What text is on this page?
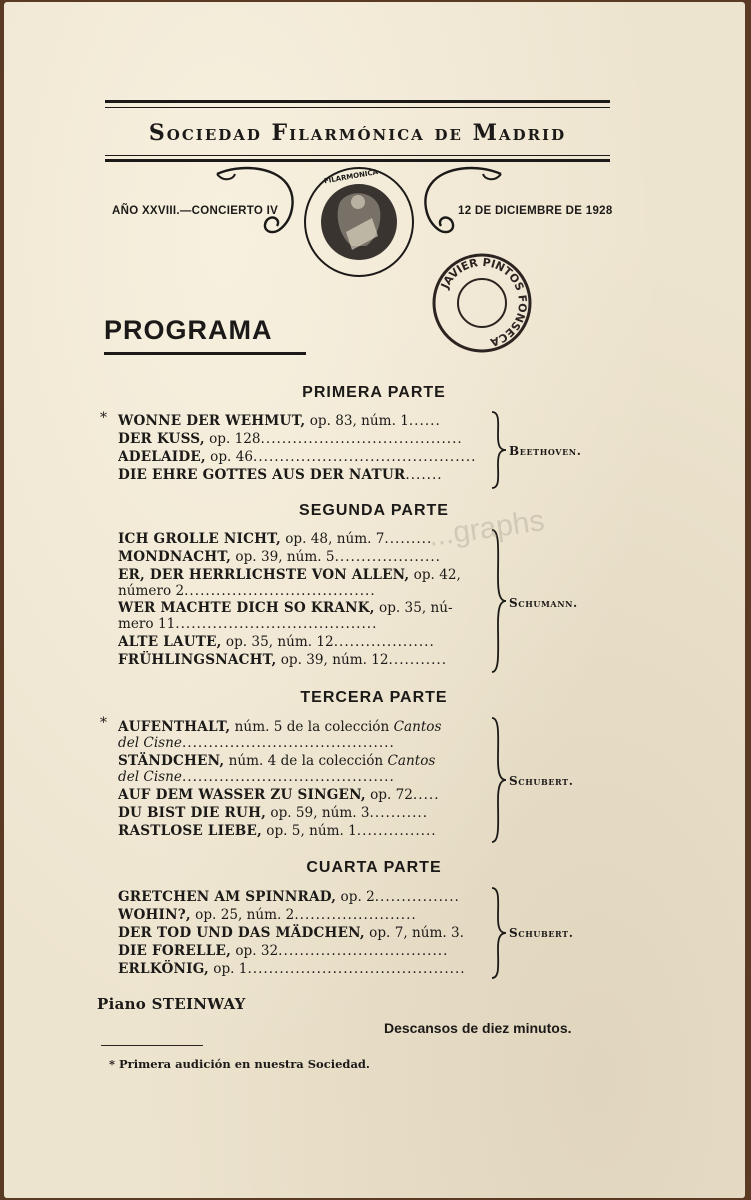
Sociedad Filarmónica de Madrid
AÑO XXVIII.—CONCIERTO IV	12 DE DICIEMBRE DE 1928
FILARMONICA
JAVIER PINTOS FONSECA
PROGRAMA
PRIMERA PARTE
* WONNE DER WEHMUT, op. 83, núm. 1......
DER KUSS, op. 128......................................
ADELAIDE, op. 46..........................................
DIE EHRE GOTTES AUS DER NATUR.......
Beethoven.
SEGUNDA PARTE
ICH GROLLE NICHT, op. 48, núm. 7.........
MONDNACHT, op. 39, núm. 5....................
ER, DER HERRLICHSTE VON ALLEN, op. 42,
número 2....................................
WER MACHTE DICH SO KRANK, op. 35, nú-
mero 11......................................
ALTE LAUTE, op. 35, núm. 12...................
FRÜHLINGSNACHT, op. 39, núm. 12...........
Schumann.
...graphs
TERCERA PARTE
* AUFENTHALT, núm. 5 de la colección Cantos
del Cisne........................................
STÄNDCHEN, núm. 4 de la colección Cantos
del Cisne........................................
AUF DEM WASSER ZU SINGEN, op. 72.....
DU BIST DIE RUH, op. 59, núm. 3...........
RASTLOSE LIEBE, op. 5, núm. 1...............
Schubert.
CUARTA PARTE
GRETCHEN AM SPINNRAD, op. 2................
WOHIN?, op. 25, núm. 2.......................
DER TOD UND DAS MÄDCHEN, op. 7, núm. 3.
DIE FORELLE, op. 32................................
ERLKÖNIG, op. 1.........................................
Schubert.
Piano STEINWAY
Descansos de diez minutos.
* Primera audición en nuestra Sociedad.
